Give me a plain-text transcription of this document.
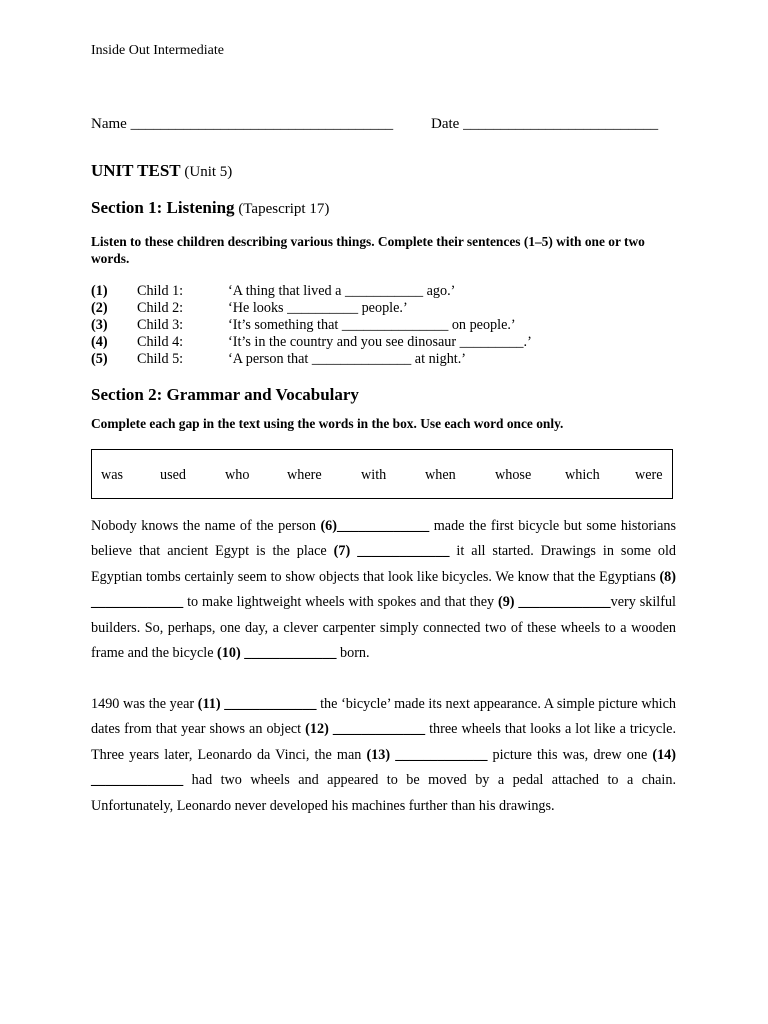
Inside Out Intermediate
Name ___________________________________	Date __________________________
UNIT TEST (Unit 5)
Section 1: Listening (Tapescript 17)
Listen to these children describing various things. Complete their sentences (1–5) with one or two words.
(1) Child 1:	‘A thing that lived a ___________ ago.’
(2) Child 2:	‘He looks __________ people.’
(3) Child 3:	‘It’s something that _______________ on people.’
(4) Child 4:	‘It’s in the country and you see dinosaur _________.’
(5) Child 5:	‘A person that ______________ at night.’
Section 2: Grammar and Vocabulary
Complete each gap in the text using the words in the box. Use each word once only.
was	used	who	where	with	when	whose which were
Nobody knows the name of the person (6)_____________ made the first bicycle but some historians believe that ancient Egypt is the place (7) _____________ it all started. Drawings in some old Egyptian tombs certainly seem to show objects that look like bicycles. We know that the Egyptians (8) _____________ to make lightweight wheels with spokes and that they (9) _____________very skilful builders. So, perhaps, one day, a clever carpenter simply connected two of these wheels to a wooden frame and the bicycle (10) _____________ born.
1490 was the year (11) _____________ the ‘bicycle’ made its next appearance. A simple picture which dates from that year shows an object (12) _____________ three wheels that looks a lot like a tricycle. Three years later, Leonardo da Vinci, the man (13) _____________ picture this was, drew one (14) _____________ had two wheels and appeared to be moved by a pedal attached to a chain. Unfortunately, Leonardo never developed his machines further than his drawings.
